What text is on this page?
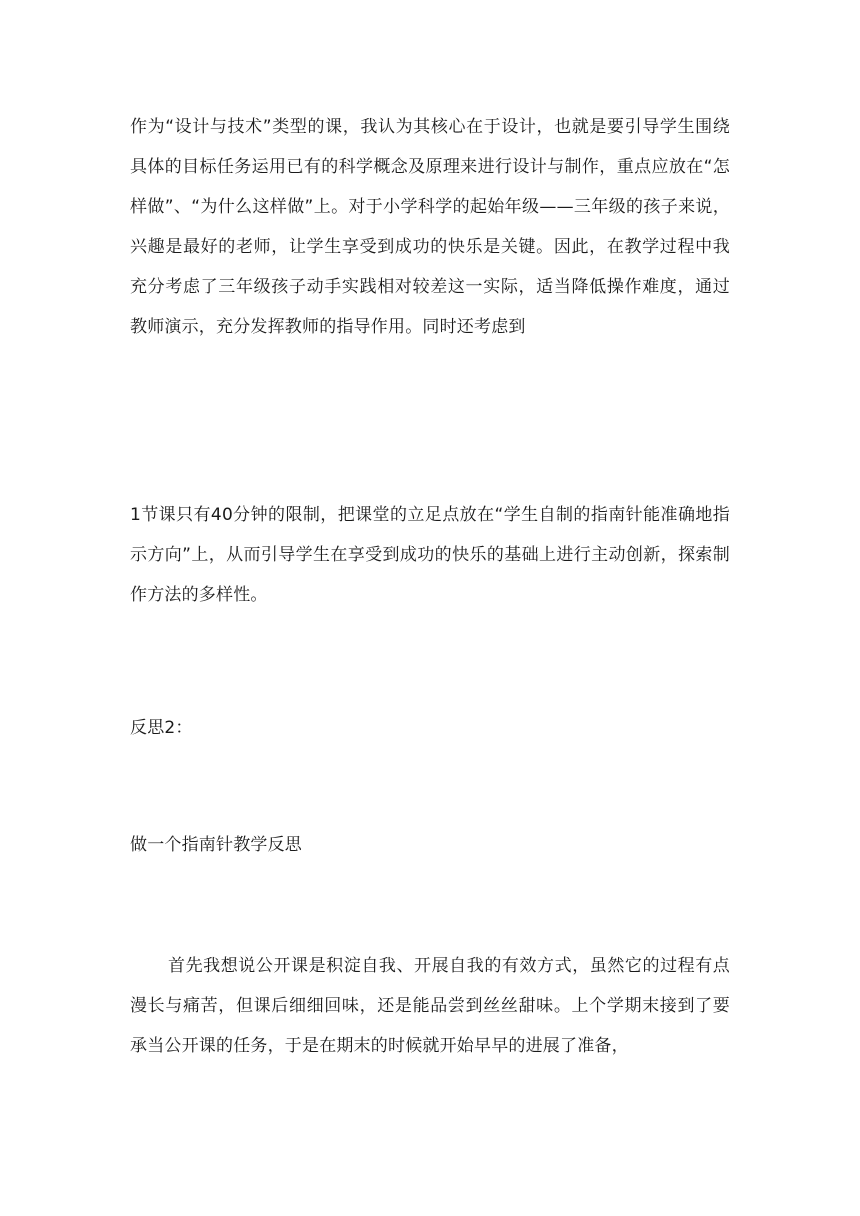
作为“设计与技术”类型的课，我认为其核心在于设计，也就是要引导学生围绕具体的目标任务运用已有的科学概念及原理来进行设计与制作，重点应放在“怎样做”、“为什么这样做”上。对于小学科学的起始年级——三年级的孩子来说，兴趣是最好的老师，让学生享受到成功的快乐是关键。因此，在教学过程中我充分考虑了三年级孩子动手实践相对较差这一实际，适当降低操作难度，通过教师演示，充分发挥教师的指导作用。同时还考虑到

1节课只有40分钟的限制，把课堂的立足点放在“学生自制的指南针能准确地指示方向”上，从而引导学生在享受到成功的快乐的基础上进行主动创新，探索制作方法的多样性。

反思2：

做一个指南针教学反思

首先我想说公开课是积淀自我、开展自我的有效方式，虽然它的过程有点漫长与痛苦，但课后细细回味，还是能品尝到丝丝甜味。上个学期末接到了要承当公开课的任务，于是在期末的时候就开始早早的进展了准备，
